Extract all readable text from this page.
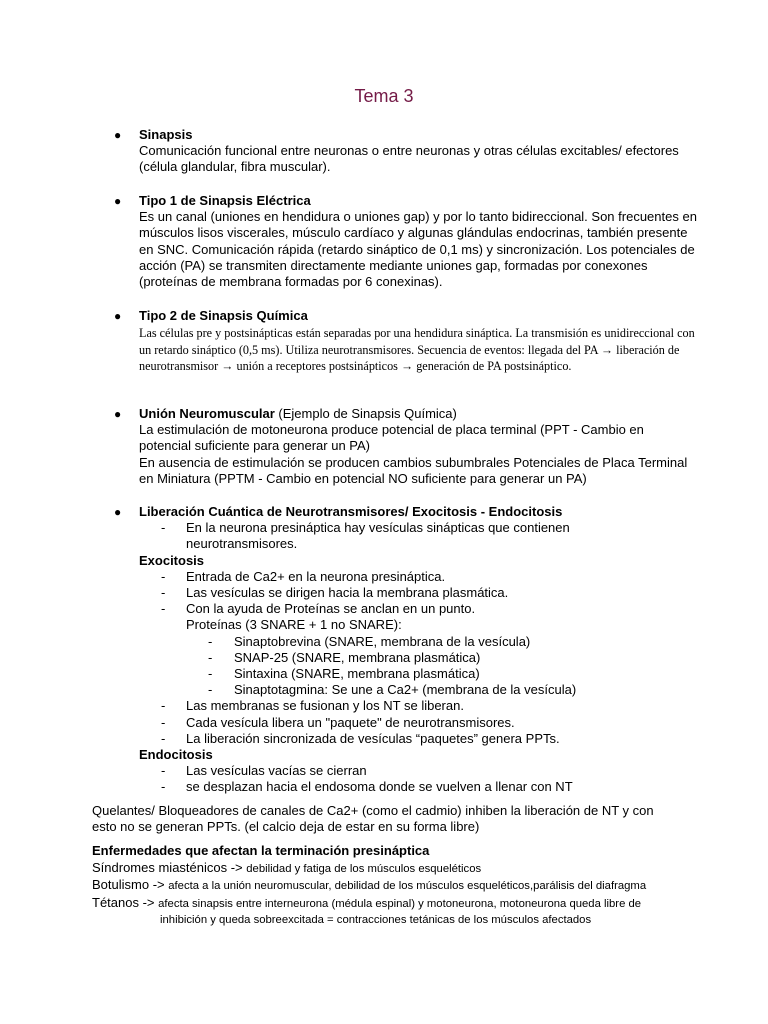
Tema 3
● Sinapsis

Comunicación funcional entre neuronas o entre neuronas y otras células excitables/ efectores (célula glandular, fibra muscular).

● Tipo 1 de Sinapsis Eléctrica

Es un canal (uniones en hendidura o uniones gap) y por lo tanto bidireccional. Son frecuentes en músculos lisos viscerales, músculo cardíaco y algunas glándulas endocrinas, también presente en SNC. Comunicación rápida (retardo sináptico de 0,1 ms) y sincronización. Los potenciales de acción (PA) se transmiten directamente mediante uniones gap, formadas por conexones (proteínas de membrana formadas por 6 conexinas).

● Tipo 2 de Sinapsis Química

Las células pre y postsinápticas están separadas por una hendidura sináptica. La transmisión es unidireccional con un retardo sináptico (0,5 ms). Utiliza neurotransmisores. Secuencia de eventos: llegada del PA → liberación de neurotransmisor → unión a receptores postsinápticos → generación de PA postsináptico.

● Unión Neuromuscular (Ejemplo de Sinapsis Química)

La estimulación de motoneurona produce potencial de placa terminal (PPT - Cambio en potencial suficiente para generar un PA)

En ausencia de estimulación se producen cambios subumbrales Potenciales de Placa Terminal en Miniatura (PPTM - Cambio en potencial NO suficiente para generar un PA)

● Liberación Cuántica de Neurotransmisores/ Exocitosis - Endocitosis
- En la neurona presináptica hay vesículas sinápticas que contienen neurotransmisores.
Exocitosis
- Entrada de Ca2+ en la neurona presináptica.
- Las vesículas se dirigen hacia la membrana plasmática.
- Con la ayuda de Proteínas se anclan en un punto.
Proteínas (3 SNARE + 1 no SNARE):
- Sinaptobrevina (SNARE, membrana de la vesícula)
- SNAP-25 (SNARE, membrana plasmática)
- Sintaxina (SNARE, membrana plasmática)
- Sinaptotagmina: Se une a Ca2+ (membrana de la vesícula)
- Las membranas se fusionan y los NT se liberan.
- Cada vesícula libera un "paquete" de neurotransmisores.
- La liberación sincronizada de vesículas “paquetes” genera PPTs.
Endocitosis
- Las vesículas vacías se cierran
- se desplazan hacia el endosoma donde se vuelven a llenar con NT
Quelantes/ Bloqueadores de canales de Ca2+ (como el cadmio) inhiben la liberación de NT y con esto no se generan PPTs. (el calcio deja de estar en su forma libre)
Enfermedades que afectan la terminación presináptica
Síndromes miasténicos -> debilidad y fatiga de los músculos esqueléticos
Botulismo -> afecta a la unión neuromuscular, debilidad de los músculos esqueléticos,parálisis del diafragma
Tétanos -> afecta sinapsis entre interneurona (médula espinal) y motoneurona, motoneurona queda libre de
inhibición y queda sobreexcitada = contracciones tetánicas de los músculos afectados
